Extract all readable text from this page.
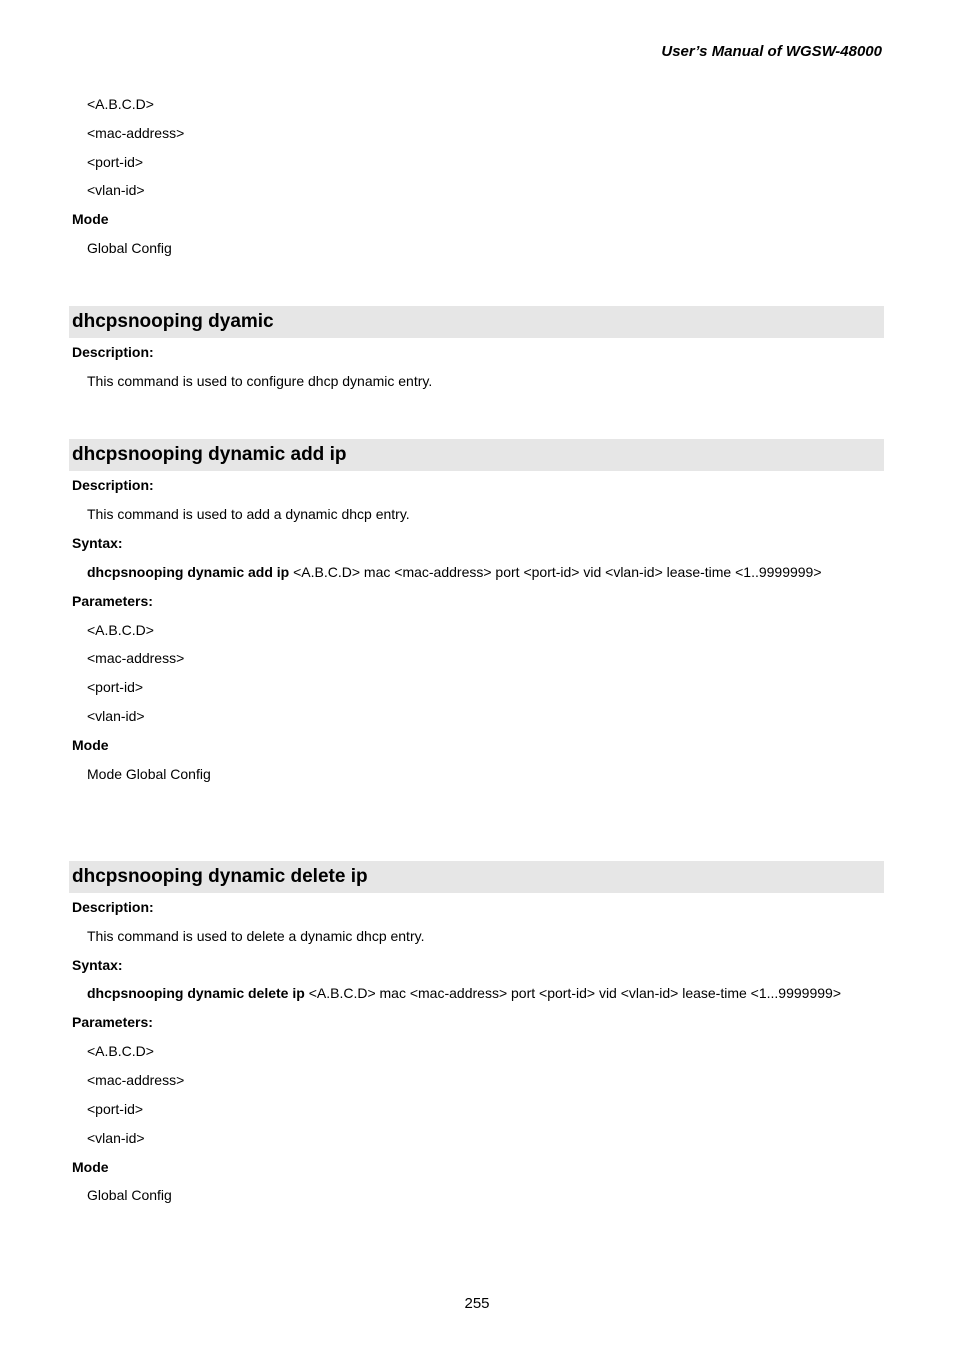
User’s Manual of WGSW-48000
<A.B.C.D>
<mac-address>
<port-id>
<vlan-id>
Mode
Global Config
dhcpsnooping dyamic
Description:
This command is used to configure dhcp dynamic entry.
dhcpsnooping dynamic add ip
Description:
This command is used to add a dynamic dhcp entry.
Syntax:
dhcpsnooping dynamic add ip <A.B.C.D> mac <mac-address> port <port-id> vid <vlan-id> lease-time <1..9999999>
Parameters:
<A.B.C.D>
<mac-address>
<port-id>
<vlan-id>
Mode
Mode Global Config
dhcpsnooping dynamic delete ip
Description:
This command is used to delete a dynamic dhcp entry.
Syntax:
dhcpsnooping dynamic delete ip <A.B.C.D> mac <mac-address> port <port-id> vid <vlan-id> lease-time <1...9999999>
Parameters:
<A.B.C.D>
<mac-address>
<port-id>
<vlan-id>
Mode
Global Config
255
